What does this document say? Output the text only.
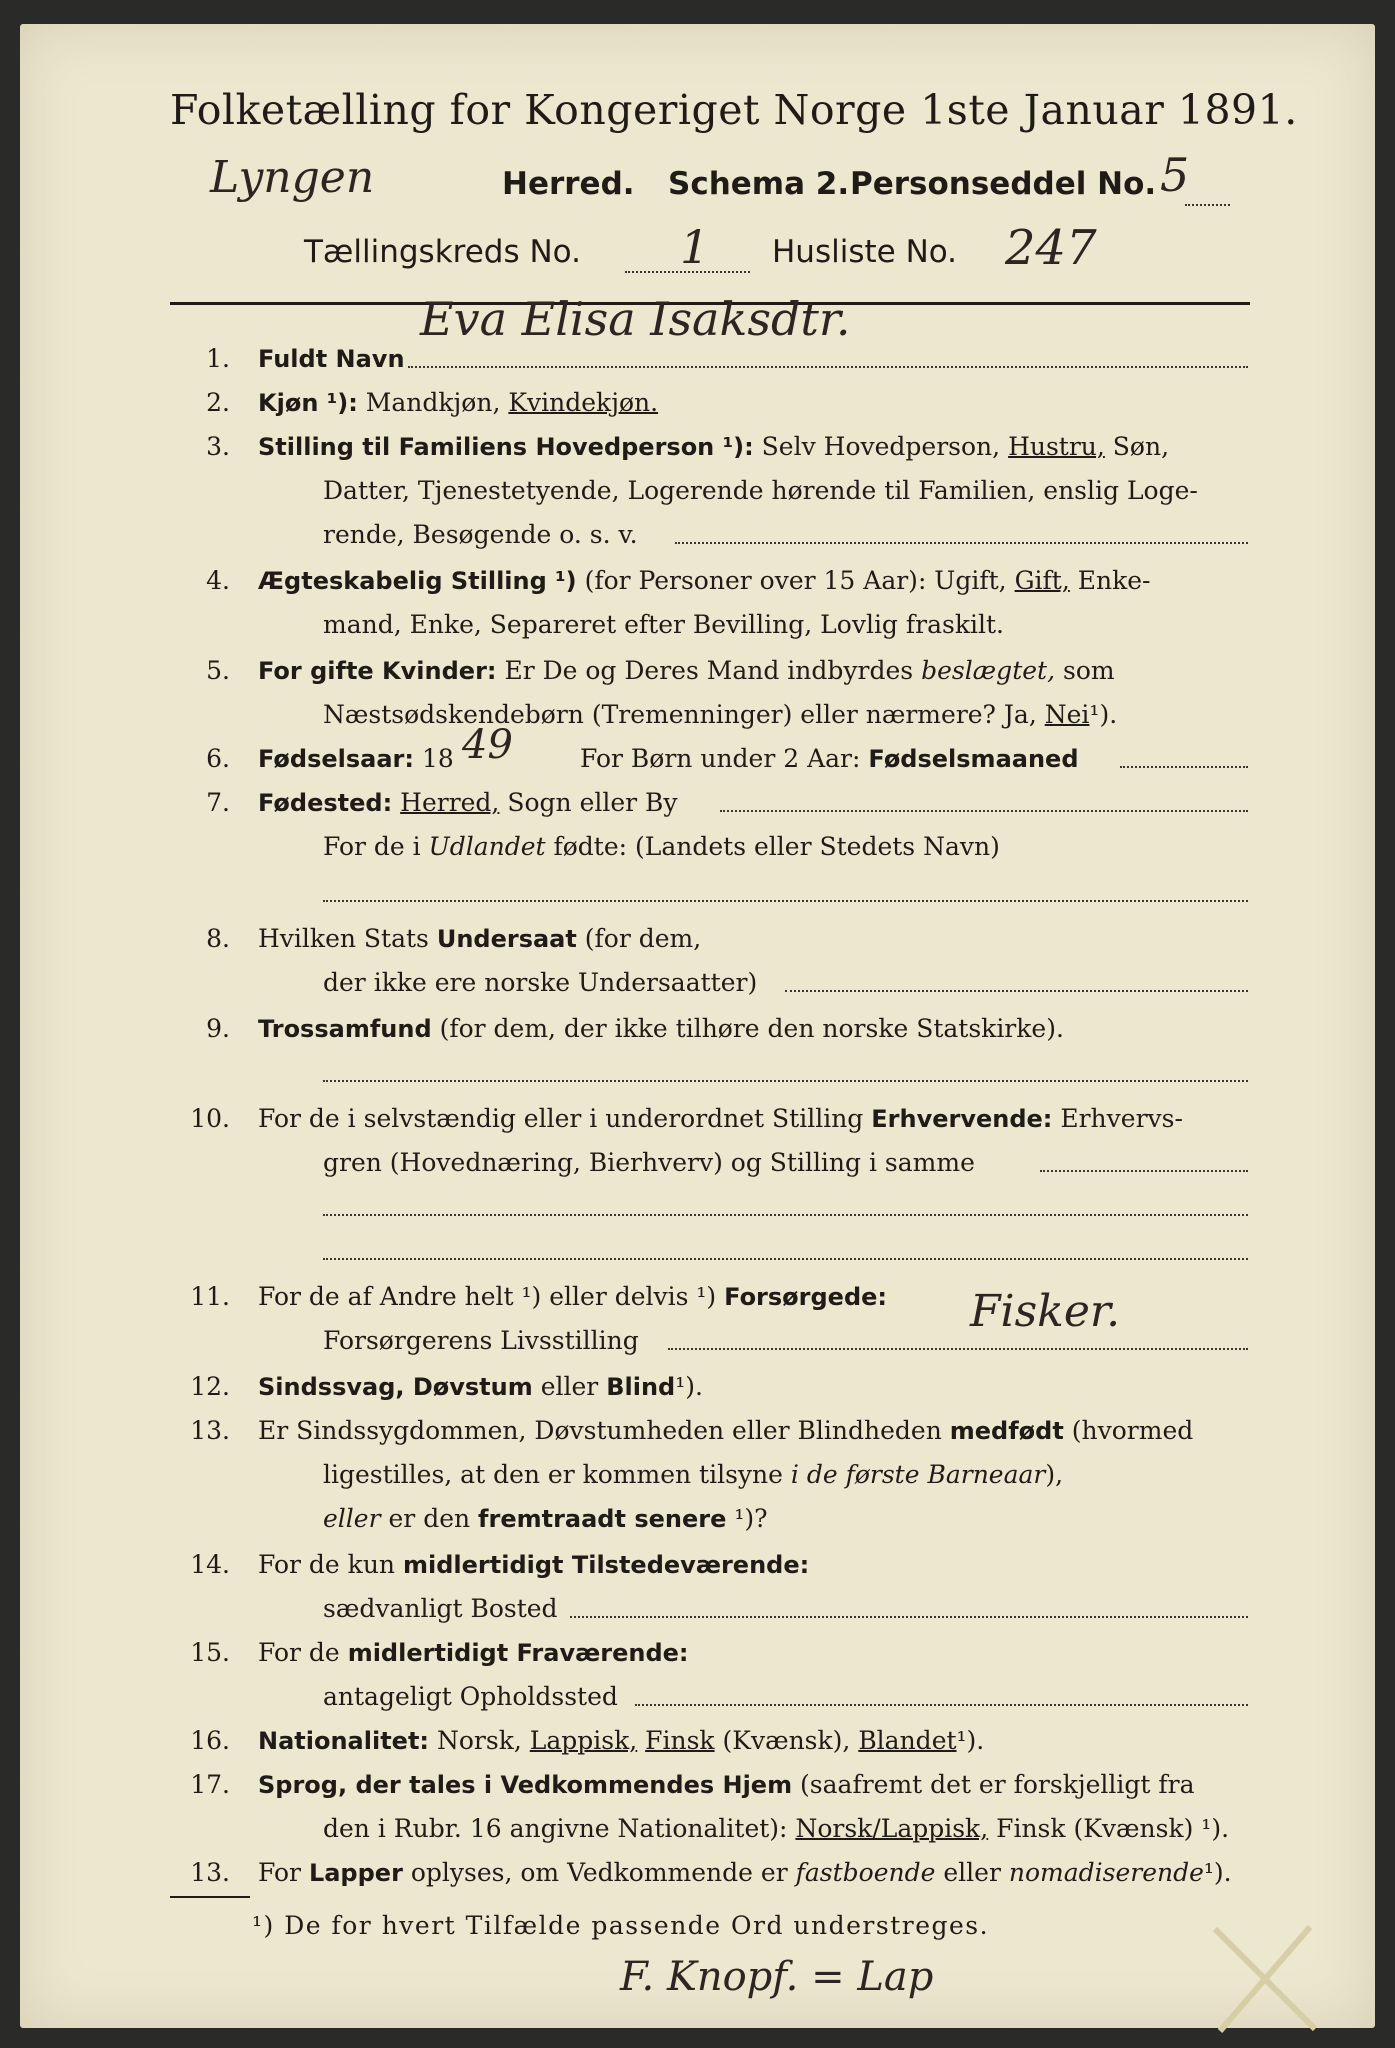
Folketælling for Kongeriget Norge 1ste Januar 1891.
Lyngen	Herred. Schema 2. Personseddel No. 5
Tællingskreds No. 1 Husliste No. 247
1. Fuldt Navn
Eva Elisa Isaksdtr.
2. Kjøn ¹): Mandkjøn, Kvindekjøn.
3. Stilling til Familiens Hovedperson ¹): Selv Hovedperson, Hustru, Søn,
Datter, Tjenestetyende, Logerende hørende til Familien, enslig Loge-
rende, Besøgende o. s. v.
4. Ægteskabelig Stilling ¹) (for Personer over 15 Aar): Ugift, Gift, Enke-
mand, Enke, Separeret efter Bevilling, Lovlig fraskilt.
5. For gifte Kvinder: Er De og Deres Mand indbyrdes beslægtet, som
Næstsødskendebørn (Tremenninger) eller nærmere? Ja, Nei¹).
6. Fødselsaar: 18	For Børn under 2 Aar: Fødselsmaaned
49
7. Fødested: Herred, Sogn eller By
For de i Udlandet fødte: (Landets eller Stedets Navn)
8. Hvilken Stats Undersaat (for dem,
der ikke ere norske Undersaatter)
9. Trossamfund (for dem, der ikke tilhøre den norske Statskirke).
10. For de i selvstændig eller i underordnet Stilling Erhvervende: Erhvervs-
gren (Hovednæring, Bierhverv) og Stilling i samme
11. For de af Andre helt ¹) eller delvis ¹) Forsørgede:
Forsørgerens Livsstilling
Fisker.
12. Sindssvag, Døvstum eller Blind¹).
13. Er Sindssygdommen, Døvstumheden eller Blindheden medfødt (hvormed
ligestilles, at den er kommen tilsyne i de første Barneaar),
eller er den fremtraadt senere ¹)?
14. For de kun midlertidigt Tilstedeværende:
sædvanligt Bosted
15. For de midlertidigt Fraværende:
antageligt Opholdssted
16. Nationalitet: Norsk, Lappisk, Finsk (Kvænsk), Blandet¹).
17. Sprog, der tales i Vedkommendes Hjem (saafremt det er forskjelligt fra
den i Rubr. 16 angivne Nationalitet): Norsk/Lappisk, Finsk (Kvænsk) ¹).
13. For Lapper oplyses, om Vedkommende er fastboende eller nomadiserende¹).
¹) De for hvert Tilfælde passende Ord understreges.
F. Knopf. = Lap
